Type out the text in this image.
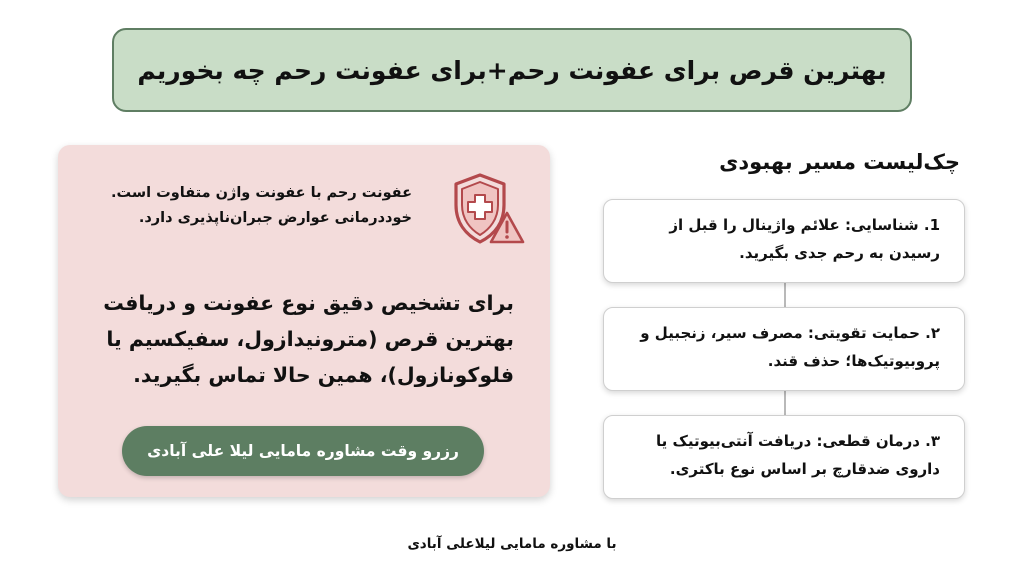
بهترین قرص برای عفونت رحم+برای عفونت رحم چه بخوریم
عفونت رحم با عفونت واژن متفاوت است.
خوددرمانی عوارض جبران‌ناپذیری دارد.
برای تشخیص دقیق نوع عفونت و دریافت بهترین قرص (مترونیدازول، سفیکسیم یا فلوکونازول)، همین حالا تماس بگیرید.
رزرو وقت مشاوره مامایی لیلا علی آبادی
چک‌لیست مسیر بهبودی
1. شناسایی: علائم واژینال را قبل از رسیدن به رحم جدی بگیرید.
۲. حمایت تقویتی: مصرف سیر، زنجبیل و پروبیوتیک‌ها؛ حذف قند.
۳. درمان قطعی: دریافت آنتی‌بیوتیک یا داروی ضدقارچ بر اساس نوع باکتری.
با مشاوره مامایی لیلاعلی آبادی
